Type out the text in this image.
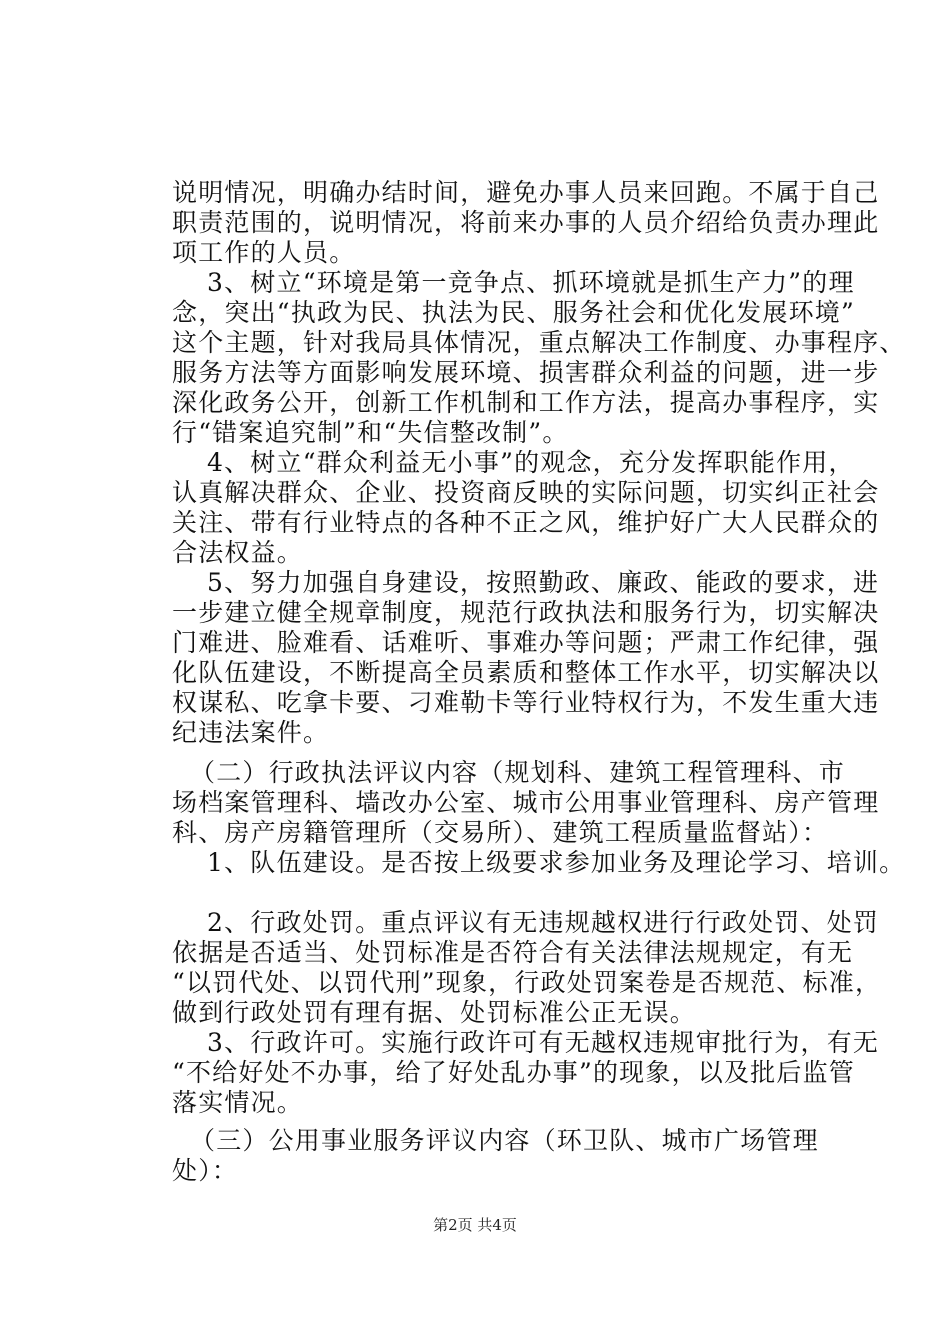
说明情况，明确办结时间，避免办事人员来回跑。不属于自己
职责范围的，说明情况，将前来办事的人员介绍给负责办理此
项工作的人员。
3、树立“环境是第一竞争点、抓环境就是抓生产力”的理
念，突出“执政为民、执法为民、服务社会和优化发展环境”
这个主题，针对我局具体情况，重点解决工作制度、办事程序、
服务方法等方面影响发展环境、损害群众利益的问题，进一步
深化政务公开，创新工作机制和工作方法，提高办事程序，实
行“错案追究制”和“失信整改制”。
4、树立“群众利益无小事”的观念，充分发挥职能作用，
认真解决群众、企业、投资商反映的实际问题，切实纠正社会
关注、带有行业特点的各种不正之风，维护好广大人民群众的
合法权益。
5、努力加强自身建设，按照勤政、廉政、能政的要求，进
一步建立健全规章制度，规范行政执法和服务行为，切实解决
门难进、脸难看、话难听、事难办等问题；严肃工作纪律，强
化队伍建设，不断提高全员素质和整体工作水平，切实解决以
权谋私、吃拿卡要、刁难勒卡等行业特权行为，不发生重大违
纪违法案件。
（二）行政执法评议内容（规划科、建筑工程管理科、市
场档案管理科、墙改办公室、城市公用事业管理科、房产管理
科、房产房籍管理所（交易所）、建筑工程质量监督站）：
1、队伍建设。是否按上级要求参加业务及理论学习、培训。
2、行政处罚。重点评议有无违规越权进行行政处罚、处罚
依据是否适当、处罚标准是否符合有关法律法规规定，有无
“以罚代处、以罚代刑”现象，行政处罚案卷是否规范、标准，
做到行政处罚有理有据、处罚标准公正无误。
3、行政许可。实施行政许可有无越权违规审批行为，有无
“不给好处不办事，给了好处乱办事”的现象，以及批后监管
落实情况。
（三）公用事业服务评议内容（环卫队、城市广场管理
处）：
第2页 共4页
